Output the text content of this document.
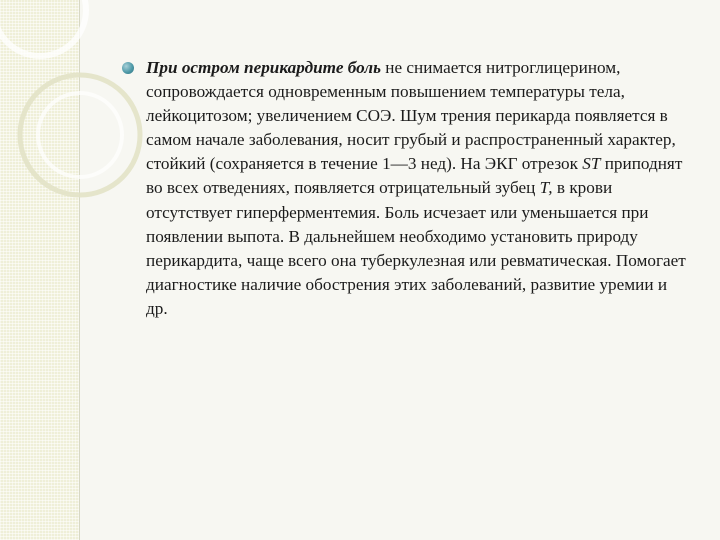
При остром перикардите боль не снимается нитроглицерином, сопровождается одновременным повышением температуры тела, лейкоцитозом; увеличением СОЭ. Шум трения перикарда появляется в самом начале заболевания, носит грубый и распространенный характер, стойкий (сохраняется в течение 1—3 нед). На ЭКГ отрезок ST приподнят во всех отведениях, появляется отрицательный зубец Т, в крови отсутствует гиперферментемия. Боль исчезает или уменьшается при появлении выпота. В дальнейшем необходимо установить природу перикардита, чаще всего она туберкулезная или ревматическая. Помогает диагностике наличие обострения этих заболеваний, развитие уремии и др.
